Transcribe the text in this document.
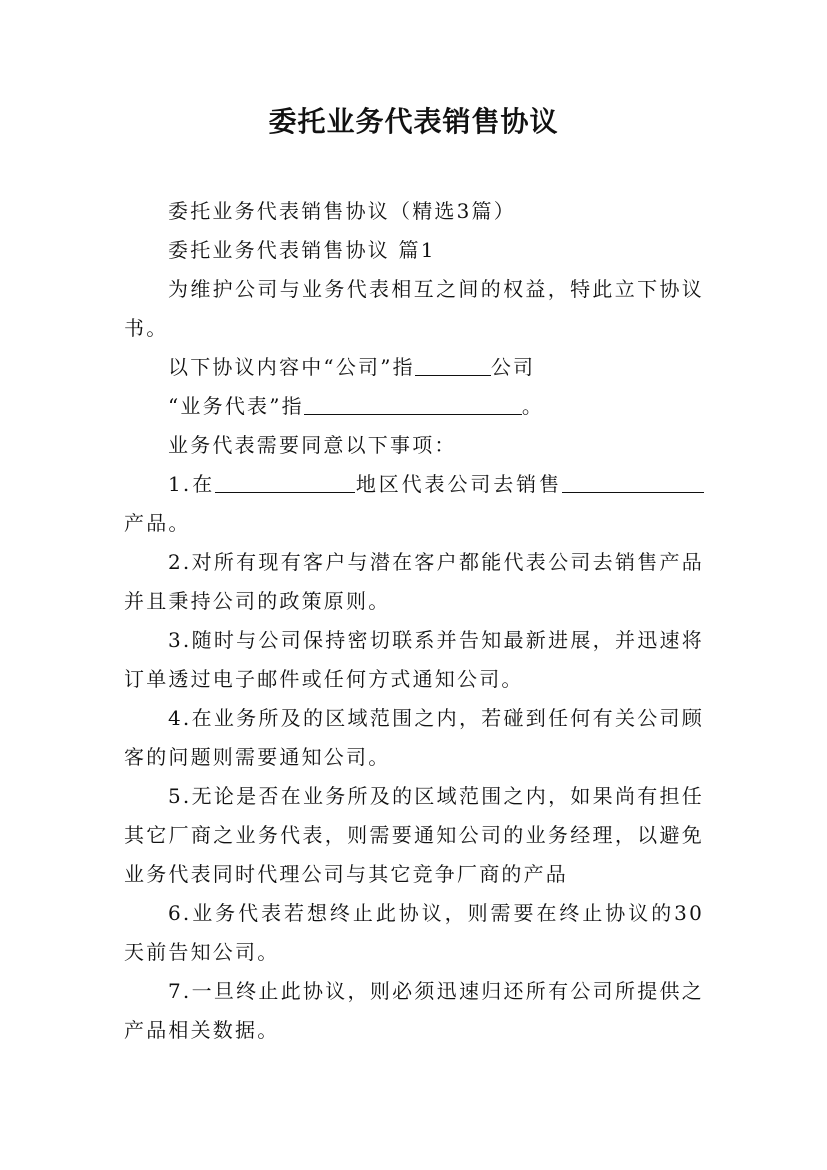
委托业务代表销售协议

委托业务代表销售协议（精选3篇）

委托业务代表销售协议 篇1

为维护公司与业务代表相互之间的权益，特此立下协议书。

以下协议内容中“公司”指	公司

“业务代表”指	。

业务代表需要同意以下事项：

1.在	地区代表公司去销售产品。

2.对所有现有客户与潜在客户都能代表公司去销售产品并且秉持公司的政策原则。

3.随时与公司保持密切联系并告知最新进展，并迅速将订单透过电子邮件或任何方式通知公司。

4.在业务所及的区域范围之内，若碰到任何有关公司顾客的问题则需要通知公司。

5.无论是否在业务所及的区域范围之内，如果尚有担任其它厂商之业务代表，则需要通知公司的业务经理，以避免业务代表同时代理公司与其它竞争厂商的产品

6.业务代表若想终止此协议，则需要在终止协议的30天前告知公司。

7.一旦终止此协议，则必须迅速归还所有公司所提供之产品相关数据。
